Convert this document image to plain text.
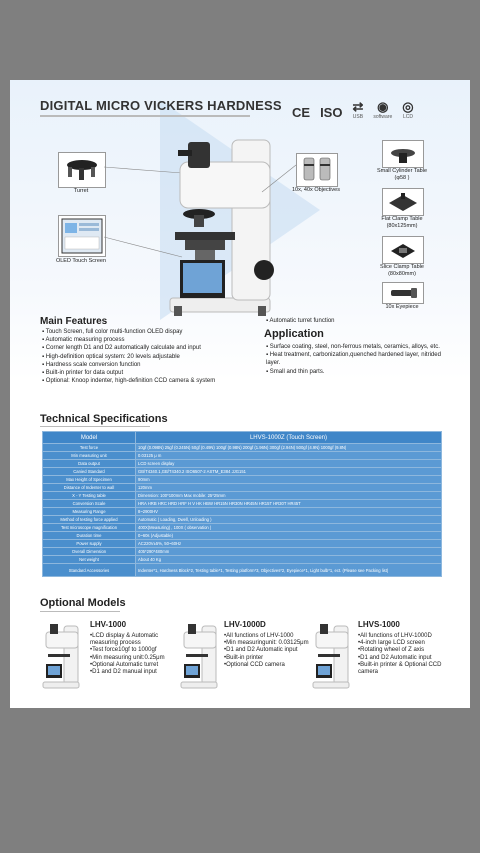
DIGITAL MICRO VICKERS HARDNESS CE ISO ⇄
USB
◉
software
◎
LCD
Turret
OLED Touch Screen
10x, 40x Objectives
Small Cylinder Table (φ58 )
Flat Clamp Table (80x125mm)
Slice Clamp Table (80x80mm)
10x Eyepiece
Main Features
▪ Touch Screen, full color multi-function OLED dispay
▪ Automatic measuring process
▪ Corner length D1 and D2 automatically calculate and input
▪ High-definition optical system: 20 levels adjustable
▪ Hardness scale conversion function
▪ Built-in printer for data output
▪ Optional: Knoop indenter, high-definition CCD camera & system
▪ Automatic turret function
Application
▪ Surface coating, steel, non-ferrous metals, ceramics, alloys, etc.
▪ Heat treatment, carbonization,quenched hardened layer, nitrided layer.
▪ Small and thin parts.
Technical Specifications
Model	LHVS-1000Z (Touch Screen)
Test force	10gf (0.098N) 25gf (0.245N) 50gf (0.49N) 100gf (0.98N) 200gf (1.96N) 300gf (2.94N) 500gf (4.9N) 1000gf (9.8N)
Min measuring unit	0.03125 μ m
Data output	LCD screen display
Canied Standard	GB/T4340.1,GB/T4340.2 ISO6507-2 ASTM_E384 JJG151
Max Height of Specimen	90mm
Distance of Indenter to wall	120mm
X - Y Testing table	Dimension: 100*100mm Max mobile: 25*25mm
Conversion Scale	HRA HRB HRC HRD HRF H V HK HBW HR15N HR30N HR45N HR15T HR30T HR45T
Measuring Range	8~2900HV
Method of testing force applied	Automatic ( Loading, Dwell, Unloading )
Test microscope magnification	400X(Measuring) , 100X ( observation )
Duration time	0~60s (Adjustable)
Power supply	AC220V±5%, 50~60Hz
Overall Dimension	405*290*480mm
Net weight	About 40 Kg
Standard Accessories	Indenter*1, Hardness Block*2, Testing table*1, Testing platform*3, Objectives*2, Eyepiece*1, Light bulb*1, ect. (Please see Packing list)
Optional Models
LHV-1000
• LCD display & Automatic measuring process
• Test force10gf to 1000gf
• Min measuring unit:0.25μm
• Optional Automatic turret
• D1 and D2 manual input
LHV-1000D
• All functions of LHV-1000
• Min measuringunit: 0.03125μm
• D1 and D2 Automatic input
• Built-in printer
• Optional CCD camera
LHVS-1000
• All functions of LHV-1000D
• 4-inch large LCD screen
• Rotating wheel of Z axis
• D1 and D2 Automatic input
• Built-in printer & Optional CCD camera
